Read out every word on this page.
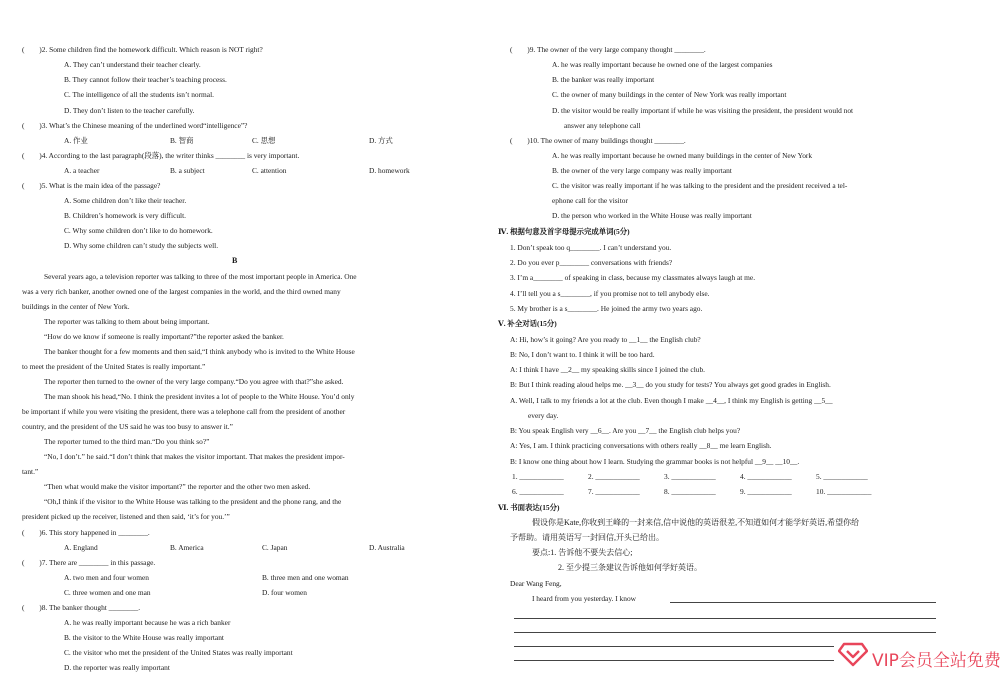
(　　)2. Some children find the homework difficult. Which reason is NOT right?
A. They can’t understand their teacher clearly.
B. They cannot follow their teacher’s teaching process.
C. The intelligence of all the students isn’t normal.
D. They don’t listen to the teacher carefully.
(　　)3. What’s the Chinese meaning of the underlined word“intelligence”?
A. 作业	B. 智商	C. 思想	D. 方式
(　　)4. According to the last paragraph(段落), the writer thinks ________ is very important.
A. a teacher	B. a subject	C. attention	D. homework
(　　)5. What is the main idea of the passage?
A. Some children don’t like their teacher.
B. Children’s homework is very difficult.
C. Why some children don’t like to do homework.
D. Why some children can’t study the subjects well.
B
Several years ago, a television reporter was talking to three of the most important people in America. One
was a very rich banker, another owned one of the largest companies in the world, and the third owned many
buildings in the center of New York.
The reporter was talking to them about being important.
“How do we know if someone is really important?”the reporter asked the banker.
The banker thought for a few moments and then said,“I think anybody who is invited to the White House
to meet the president of the United States is really important.”
The reporter then turned to the owner of the very large company.“Do you agree with that?”she asked.
The man shook his head,“No. I think the president invites a lot of people to the White House. You’d only
be important if while you were visiting the president, there was a telephone call from the president of another
country, and the president of the US said he was too busy to answer it.”
The reporter turned to the third man.“Do you think so?”
“No, I don’t.” he said.“I don’t think that makes the visitor important. That makes the president impor-
tant.”
“Then what would make the visitor important?” the reporter and the other two men asked.
“Oh,I think if the visitor to the White House was talking to the president and the phone rang, and the
president picked up the receiver, listened and then said, ‘it’s for you.’”
(　　)6. This story happened in ________.
A. England	B. America	C. Japan	D. Australia
(　　)7. There are ________ in this passage.
A. two men and four women	B. three men and one woman
C. three women and one man	D. four women
(　　)8. The banker thought ________.
A. he was really important because he was a rich banker
B. the visitor to the White House was really important
C. the visitor who met the president of the United States was really important
D. the reporter was really important
(　　)9. The owner of the very large company thought ________.
A. he was really important because he owned one of the largest companies
B. the banker was really important
C. the owner of many buildings in the center of New York was really important
D. the visitor would be really important if while he was visiting the president, the president would not
answer any telephone call
(　　)10. The owner of many buildings thought ________.
A. he was really important because he owned many buildings in the center of New York
B. the owner of the very large company was really important
C. the visitor was really important if he was talking to the president and the president received a tel-
ephone call for the visitor
D. the person who worked in the White House was really important
Ⅳ. 根据句意及首字母提示完成单词(5分)
1. Don’t speak too q________. I can’t understand you.
2. Do you ever p________ conversations with friends?
3. I’m a________ of speaking in class, because my classmates always laugh at me.
4. I’ll tell you a s________, if you promise not to tell anybody else.
5. My brother is a s________. He joined the army two years ago.
Ⅴ. 补全对话(15分)
A: Hi, how’s it going? Are you ready to __1__ the English club?
B: No, I don’t want to. I think it will be too hard.
A: I think I have __2__ my speaking skills since I joined the club.
B: But I think reading aloud helps me. __3__ do you study for tests? You always get good grades in English.
A. Well, I talk to my friends a lot at the club. Even though I make __4__, I think my English is getting __5__
every day.
B: You speak English very __6__. Are you __7__ the English club helps you?
A: Yes, I am. I think practicing conversations with others really __8__ me learn English.
B: I know one thing about how I learn. Studying the grammar books is not helpful __9__ __10__.
1. ____________	2. ____________	3. ____________	4. ____________	5. ____________
6. ____________	7. ____________	8. ____________	9. ____________	10. ____________
Ⅵ. 书面表达(15分)
假设你是Kate,你收到王峰的一封来信,信中说他的英语很差,不知道如何才能学好英语,希望你给
予帮助。请用英语写一封回信,开头已给出。
要点:1. 告诉他不要失去信心;
2. 至少提三条建议告诉他如何学好英语。
Dear Wang Feng,
I heard from you yesterday. I know
VIP会员全站免费
